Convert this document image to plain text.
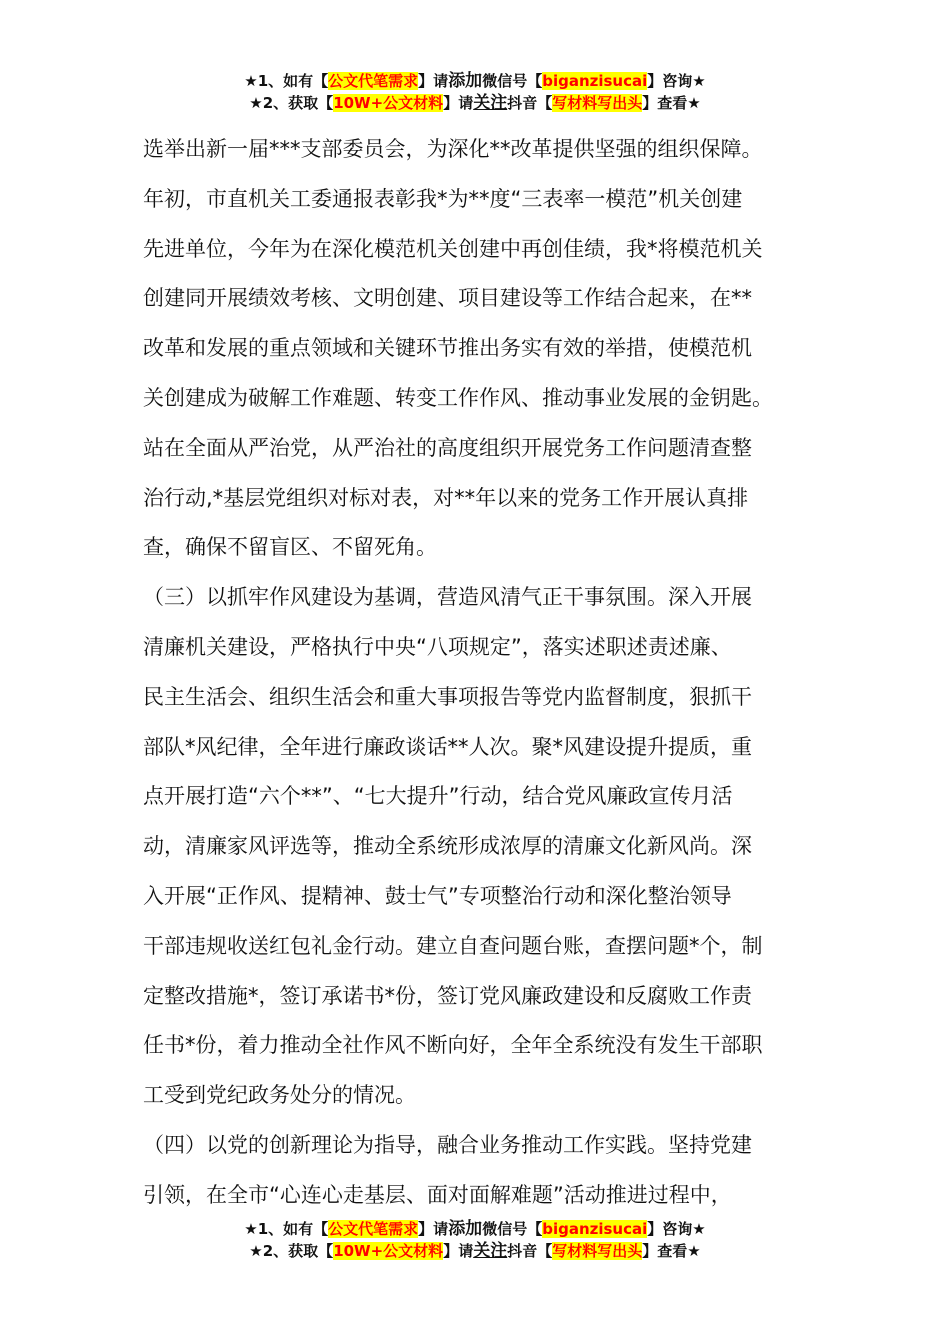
★1、如有【公文代笔需求】请添加微信号【biganzisucai】咨询★
★2、获取【10W+公文材料】请关注抖音【写材料写出头】查看★
选举出新一届***支部委员会，为深化**改革提供坚强的组织保障。
年初，市直机关工委通报表彰我*为**度“三表率一模范”机关创建
先进单位，今年为在深化模范机关创建中再创佳绩，我*将模范机关
创建同开展绩效考核、文明创建、项目建设等工作结合起来，在**
改革和发展的重点领域和关键环节推出务实有效的举措，使模范机
关创建成为破解工作难题、转变工作作风、推动事业发展的金钥匙。
站在全面从严治党，从严治社的高度组织开展党务工作问题清查整
治行动,*基层党组织对标对表，对**年以来的党务工作开展认真排
查，确保不留盲区、不留死角。
（三）以抓牢作风建设为基调，营造风清气正干事氛围。深入开展
清廉机关建设，严格执行中央“八项规定”，落实述职述责述廉、
民主生活会、组织生活会和重大事项报告等党内监督制度，狠抓干
部队*风纪律，全年进行廉政谈话**人次。聚*风建设提升提质，重
点开展打造“六个**”、“七大提升”行动，结合党风廉政宣传月活
动，清廉家风评选等，推动全系统形成浓厚的清廉文化新风尚。深
入开展“正作风、提精神、鼓士气”专项整治行动和深化整治领导
干部违规收送红包礼金行动。建立自查问题台账，查摆问题*个，制
定整改措施*，签订承诺书*份，签订党风廉政建设和反腐败工作责
任书*份，着力推动全社作风不断向好，全年全系统没有发生干部职
工受到党纪政务处分的情况。
（四）以党的创新理论为指导，融合业务推动工作实践。坚持党建
引领，在全市“心连心走基层、面对面解难题”活动推进过程中，
★1、如有【公文代笔需求】请添加微信号【biganzisucai】咨询★
★2、获取【10W+公文材料】请关注抖音【写材料写出头】查看★
